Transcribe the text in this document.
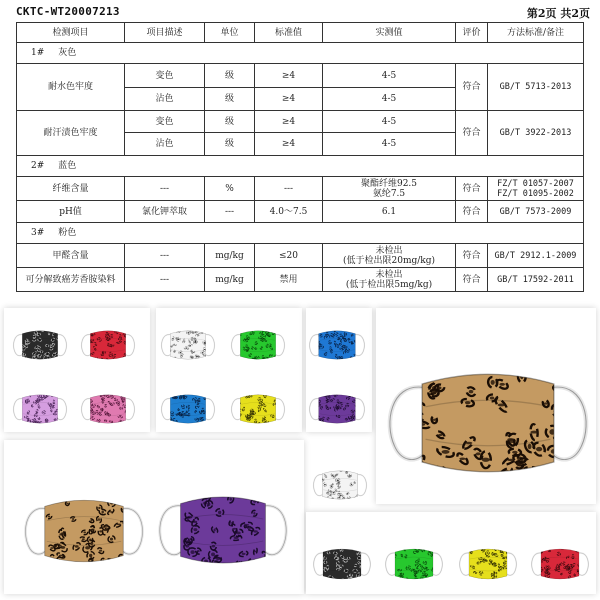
CKTC-WT20007213	第2页 共2页
检测项目	项目描述	单位	标准值	实测值	评价	方法标准/备注
1# 灰色						
耐水色牢度	变色	级	≥4	4-5	符合	GB/T 5713-2013
	沾色	级	≥4	4-5		
耐汗渍色牢度	变色	级	≥4	4-5	符合	GB/T 3922-2013
	沾色	级	≥4	4-5		
2# 蓝色						
纤维含量	---	%	---	聚酯纤维92.5
氨纶7.5	符合	FZ/T 01057-2007
FZ/T 01095-2002

pH值	氯化钾萃取	---	4.0～7.5	6.1	符合	GB/T 7573-2009
3# 粉色						
甲醛含量	---	mg/kg	≤20	未检出
(低于检出限20mg/kg)	符合	GB/T 2912.1-2009
可分解致癌芳香胺染料	---	mg/kg	禁用	未检出
(低于检出限5mg/kg)	符合	GB/T 17592-2011
